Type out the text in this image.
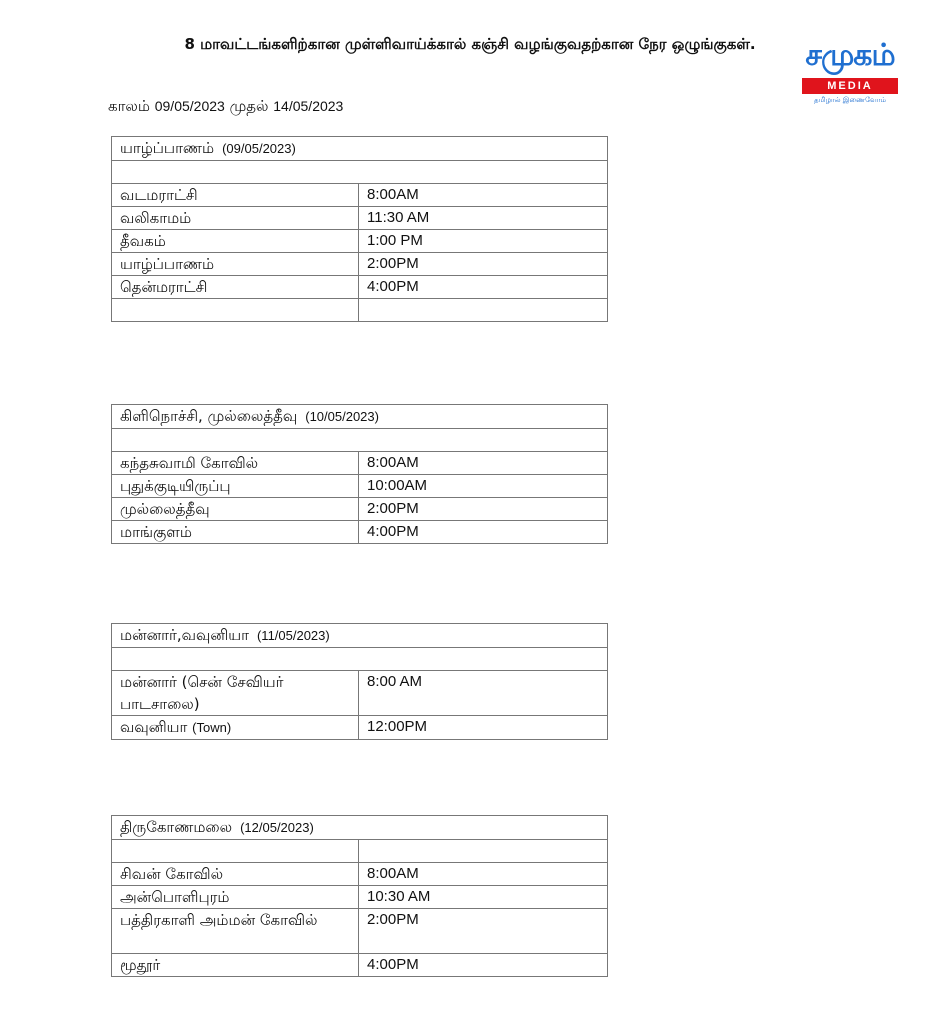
8 மாவட்டங்களிற்கான முள்ளிவாய்க்கால் கஞ்சி வழங்குவதற்கான நேர ஒழுங்குகள்.
காலம் 09/05/2023 முதல் 14/05/2023
சமுகம்
MEDIA
தமிழால் இணைவோம்
யாழ்ப்பாணம் (09/05/2023)	

வடமராட்சி	8:00AM
வலிகாமம்	11:30 AM
தீவகம்	1:00 PM
யாழ்ப்பாணம்	2:00PM
தென்மராட்சி	4:00PM

கிளிநொச்சி, முல்லைத்தீவு (10/05/2023)	

கந்தசுவாமி கோவில்	8:00AM
புதுக்குடியிருப்பு	10:00AM
முல்லைத்தீவு	2:00PM
மாங்குளம்	4:00PM
மன்னார்,வவுனியா (11/05/2023)	

மன்னார் (சென் சேவியர் பாடசாலை)	8:00 AM
வவுனியா (Town)	12:00PM
திருகோணமலை (12/05/2023)	

சிவன் கோவில்	8:00AM
அன்பொளிபுரம்	10:30 AM
பத்திரகாளி அம்மன் கோவில்	2:00PM
மூதூர்	4:00PM
